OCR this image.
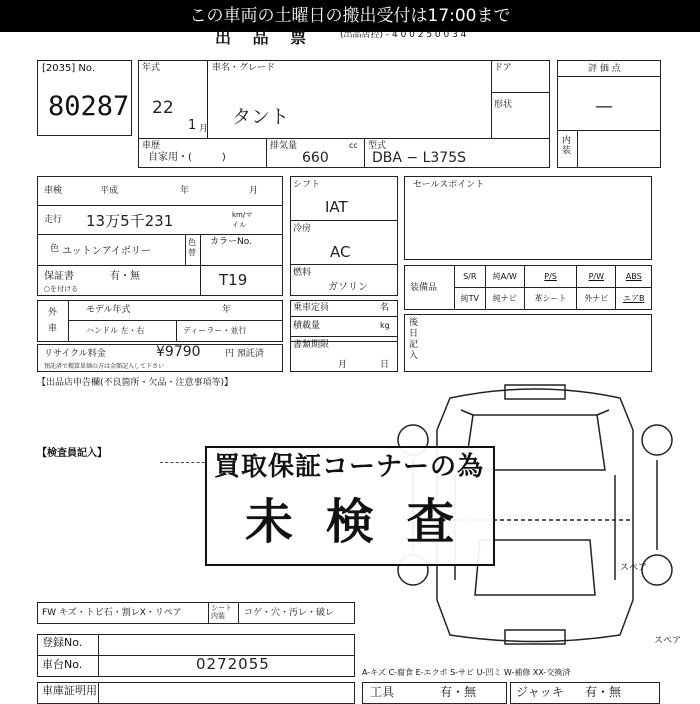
この車両の土曜日の搬出受付は17:00まで
出 品 票	(出品店控) - 4 0 0 2 5 0 0 3 4
[2035] No.
80287
年式
22
1 月
車名・グレード
タント
ドア
形状
車歴
自家用・(　　　)
排気量	cc
660
型式
DBA − L375S
評 価 点
—
内装
車検	平成	年	月
走行 13万5千231	km/マイル
色 ユットンアイボリー
色替
カラーNo.
T19
保証書	有・無
○を付ける
外車
モデル年式	年
ハンドル 左・右	ディーラー・並行
リサイクル料金	¥9790	円 預託済
預託済で精算単価の方は金額記入して下さい
【出品店申告欄(不良箇所・欠品・注意事項等)】
シフト
IAT
冷房
AC
燃料
ガソリン
乗車定員	名
積載量	kg
書類期限
月	日
セールスポイント
装備品
S/R	純A/W	P/S	P/W	ABS
純TV	純ナビ	革シート	外ナビ	エアB
後日記入
【検査員記入】
スペア
スペア
買取保証コーナーの為
未 検 査
FW キズ・トビ石・割レX・リペア	シート内装	コゲ・穴・汚レ・破レ
登録No.
車台No.	0272055
車庫証明用
A-キズ C-腐食 E-エクボ S-サビ U-凹ミ W-補修 XX-交換済
工具	有・無	ジャッキ 有・無
